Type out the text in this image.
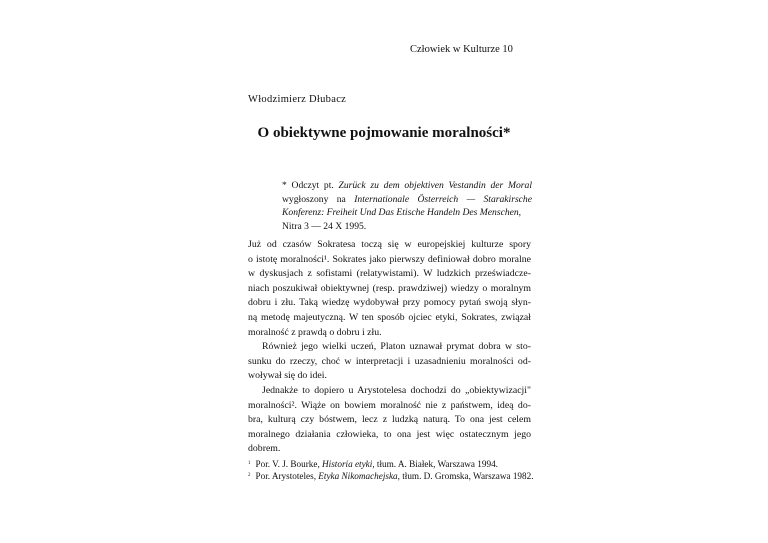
Człowiek w Kulturze 10
Włodzimierz Dłubacz
O obiektywne pojmowanie moralności*
* Odczyt pt. Zurück zu dem objektiven Vestandin der Moral
wygłoszony na Internationale Österreich — Starakirsche
Konferenz: Freiheit Und Das Etische Handeln Des Menschen,
Nitra 3 — 24 X 1995.
Już od czasów Sokratesa toczą się w europejskiej kulturze spory
o istotę moralności¹. Sokrates jako pierwszy definiował dobro moralne
w dyskusjach z sofistami (relatywistami). W ludzkich przeświadcze-
niach poszukiwał obiektywnej (resp. prawdziwej) wiedzy o moralnym
dobru i złu. Taką wiedzę wydobywał przy pomocy pytań swoją słyn-
ną metodę majeutyczną. W ten sposób ojciec etyki, Sokrates, związał
moralność z prawdą o dobru i złu.
Również jego wielki uczeń, Platon uznawał prymat dobra w sto-
sunku do rzeczy, choć w interpretacji i uzasadnieniu moralności od-
woływał się do idei.
Jednakże to dopiero u Arystotelesa dochodzi do „obiektywizacji"
moralności². Wiąże on bowiem moralność nie z państwem, ideą do-
bra, kulturą czy bóstwem, lecz z ludzką naturą. To ona jest celem
moralnego działania człowieka, to ona jest więc ostatecznym jego
dobrem.
$^1$ Por. V. J. Bourke, Historia etyki, tłum. A. Białek, Warszawa 1994.
$^2$ Por. Arystoteles, Etyka Nikomachejska, tłum. D. Gromska, Warszawa 1982.
